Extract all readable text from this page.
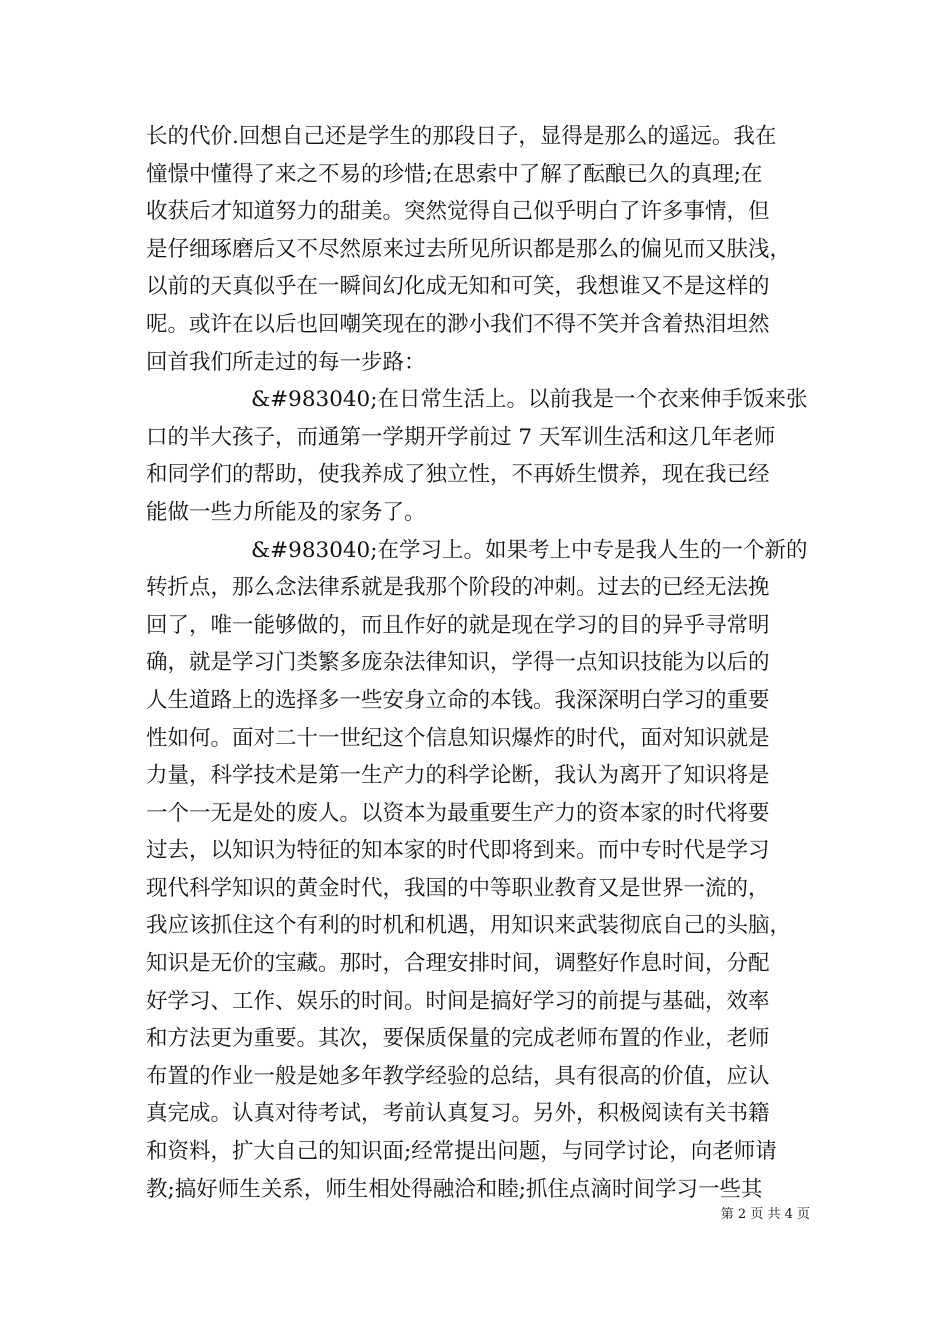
长的代价.回想自己还是学生的那段日子，显得是那么的遥远。我在
憧憬中懂得了来之不易的珍惜;在思索中了解了酝酿已久的真理;在
收获后才知道努力的甜美。突然觉得自己似乎明白了许多事情，但
是仔细琢磨后又不尽然原来过去所见所识都是那么的偏见而又肤浅，
以前的天真似乎在一瞬间幻化成无知和可笑，我想谁又不是这样的
呢。或许在以后也回嘲笑现在的渺小我们不得不笑并含着热泪坦然
回首我们所走过的每一步路：
&#983040;在日常生活上。以前我是一个衣来伸手饭来张
口的半大孩子，而通第一学期开学前过 7 天军训生活和这几年老师
和同学们的帮助，使我养成了独立性，不再娇生惯养，现在我已经
能做一些力所能及的家务了。
&#983040;在学习上。如果考上中专是我人生的一个新的
转折点，那么念法律系就是我那个阶段的冲刺。过去的已经无法挽
回了，唯一能够做的，而且作好的就是现在学习的目的异乎寻常明
确，就是学习门类繁多庞杂法律知识，学得一点知识技能为以后的
人生道路上的选择多一些安身立命的本钱。我深深明白学习的重要
性如何。面对二十一世纪这个信息知识爆炸的时代，面对知识就是
力量，科学技术是第一生产力的科学论断，我认为离开了知识将是
一个一无是处的废人。以资本为最重要生产力的资本家的时代将要
过去，以知识为特征的知本家的时代即将到来。而中专时代是学习
现代科学知识的黄金时代，我国的中等职业教育又是世界一流的，
我应该抓住这个有利的时机和机遇，用知识来武装彻底自己的头脑，
知识是无价的宝藏。那时，合理安排时间，调整好作息时间，分配
好学习、工作、娱乐的时间。时间是搞好学习的前提与基础，效率
和方法更为重要。其次，要保质保量的完成老师布置的作业，老师
布置的作业一般是她多年教学经验的总结，具有很高的价值，应认
真完成。认真对待考试，考前认真复习。另外，积极阅读有关书籍
和资料，扩大自己的知识面;经常提出问题，与同学讨论，向老师请
教;搞好师生关系，师生相处得融洽和睦;抓住点滴时间学习一些其
第 2 页 共 4 页
